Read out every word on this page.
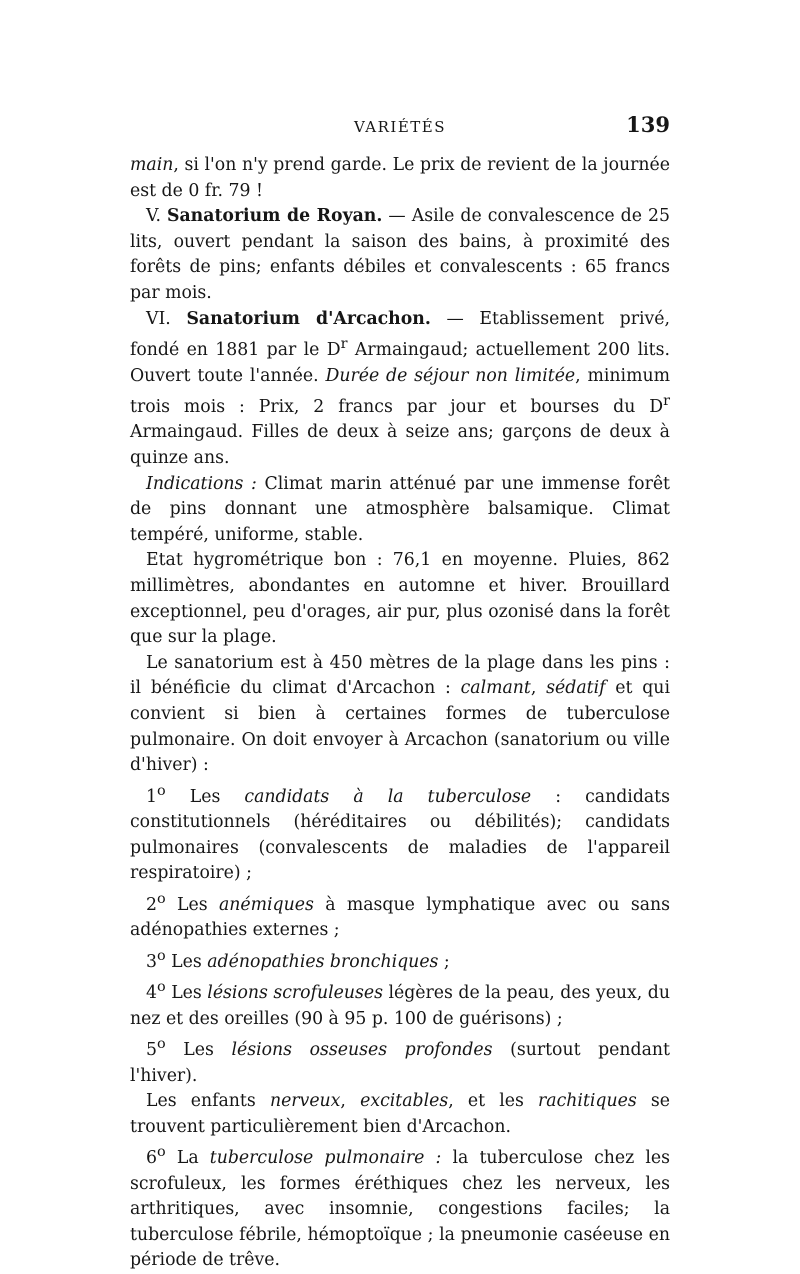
VARIÉTÉS	139

main, si l'on n'y prend garde. Le prix de revient de la journée est de 0 fr. 79 !

V. Sanatorium de Royan. — Asile de convalescence de 25 lits, ouvert pendant la saison des bains, à proximité des forêts de pins; enfants débiles et convalescents : 65 francs par mois.

VI. Sanatorium d'Arcachon. — Etablissement privé, fondé en 1881 par le $D^r$ Armaingaud; actuellement 200 lits. Ouvert toute l'année. Durée de séjour non limitée, minimum trois mois : Prix, 2 francs par jour et bourses du $D^r$ Armaingaud. Filles de deux à seize ans; garçons de deux à quinze ans.

Indications : Climat marin atténué par une immense forêt de pins donnant une atmosphère balsamique. Climat tempéré, uniforme, stable.

Etat hygrométrique bon : 76,1 en moyenne. Pluies, 862 millimètres, abondantes en automne et hiver. Brouillard exceptionnel, peu d'orages, air pur, plus ozonisé dans la forêt que sur la plage.

Le sanatorium est à 450 mètres de la plage dans les pins : il bénéficie du climat d'Arcachon : calmant, sédatif et qui convient si bien à certaines formes de tuberculose pulmonaire. On doit envoyer à Arcachon (sanatorium ou ville d'hiver) :

1$^o$ Les candidats à la tuberculose : candidats constitutionnels (héréditaires ou débilités); candidats pulmonaires (convalescents de maladies de l'appareil respiratoire) ;

2$^o$ Les anémiques à masque lymphatique avec ou sans adénopathies externes ;

3$^o$ Les adénopathies bronchiques ;

4$^o$ Les lésions scrofuleuses légères de la peau, des yeux, du nez et des oreilles (90 à 95 p. 100 de guérisons) ;

5$^o$ Les lésions osseuses profondes (surtout pendant l'hiver).

Les enfants nerveux, excitables, et les rachitiques se trouvent particulièrement bien d'Arcachon.

6$^o$ La tuberculose pulmonaire : la tuberculose chez les scrofuleux, les formes éréthiques chez les nerveux, les arthritiques, avec insomnie, congestions faciles; la tuberculose fébrile, hémoptoïque ; la pneumonie caséeuse en période de trêve.
